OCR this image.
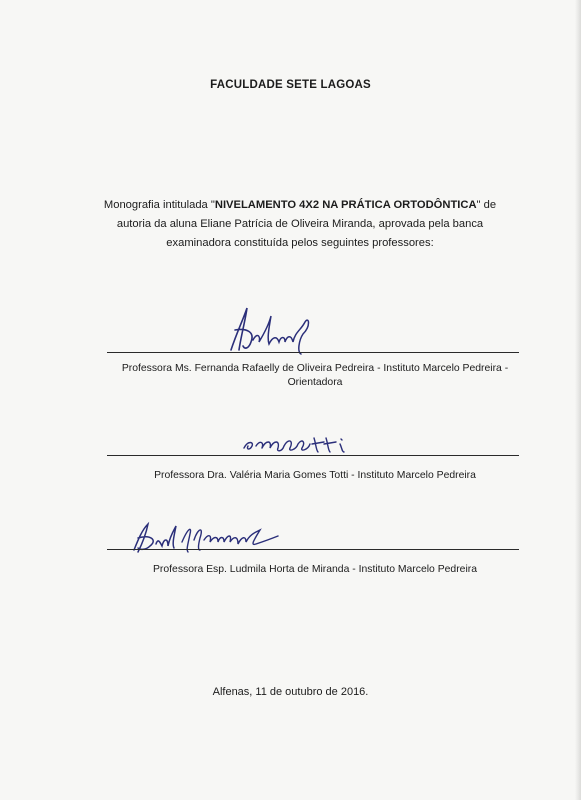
FACULDADE SETE LAGOAS
Monografia intitulada "NIVELAMENTO 4X2 NA PRÁTICA ORTODÔNTICA" de autoria da aluna Eliane Patrícia de Oliveira Miranda, aprovada pela banca examinadora constituída pelos seguintes professores:
Professora Ms. Fernanda Rafaelly de Oliveira Pedreira - Instituto Marcelo Pedreira -
Orientadora
Professora Dra. Valéria Maria Gomes Totti - Instituto Marcelo Pedreira
Professora Esp. Ludmila Horta de Miranda - Instituto Marcelo Pedreira
Alfenas, 11 de outubro de 2016.
